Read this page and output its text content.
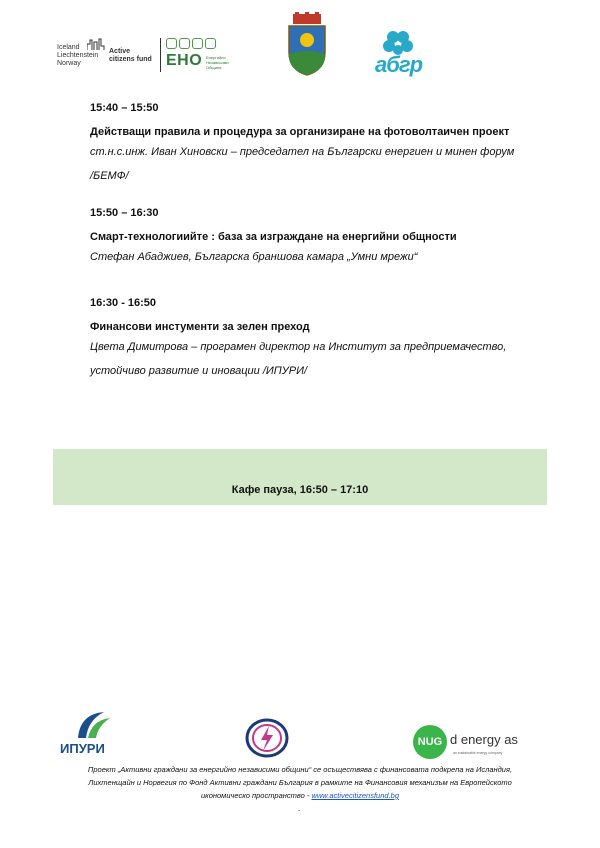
Iceland
Liechtenstein
Norway
Active
citizens fund ЕНО Енергийно
Независими
Общини	абгр
15:40 – 15:50
Действащи правила и процедура за организиране на фотоволтаичен проект
ст.н.с.инж. Иван Хиновски – председател на Български енергиен и минен форум
/БЕМФ/
15:50 – 16:30
Смарт-технологиийте : база за изграждане на енергийни общности
Стефан Абаджиев, Българска браншова камара „Умни мрежи“
16:30 - 16:50
Финансови инстументи за зелен преход
Цвета Димитрова – програмен директор на Институт за предприемачество,
устойчиво развитие и иновации /ИПУРИ/
Кафе пауза, 16:50 – 17:10
ИПУРИ	NUG d energy as
an sustainable energy company
Проект „Активни граждани за енергийно независими общини“ се осъществява с финансовата подкрепа на Исландия,
Лихтенщайн и Норвегия по Фонд Активни граждани България в рамките на Финансовия механизъм на Европейското
икономическо пространство - www.activecitizensfund.bg
.
